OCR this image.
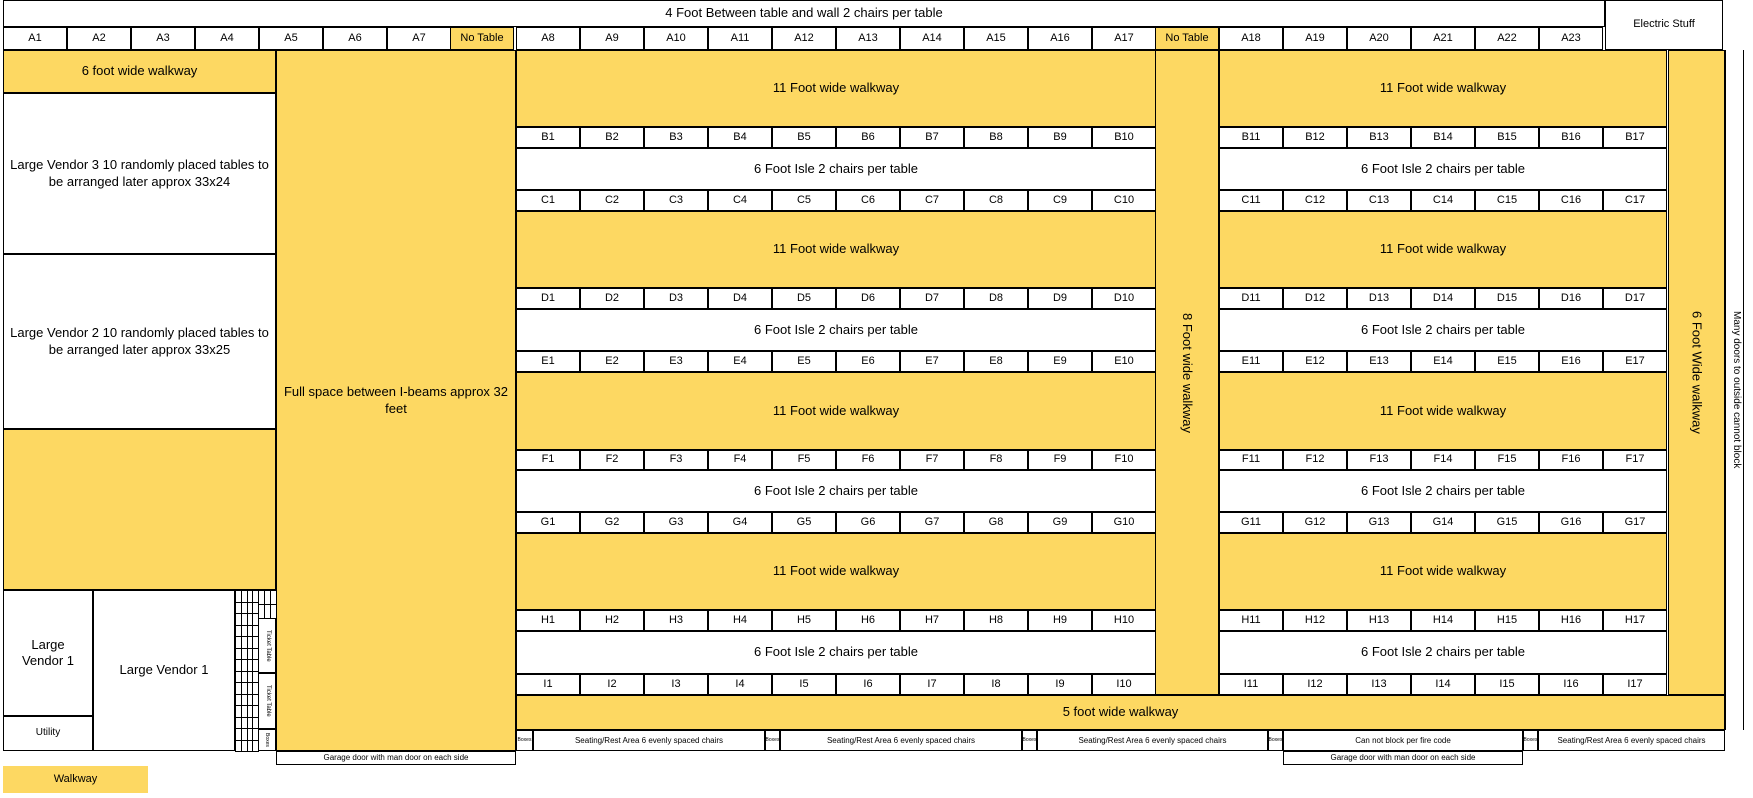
4 Foot Between table and wall 2 chairs per table
Electric Stuff
A1	A2	A3	A4	A5	A6	A7	No Table	A8	A9	A10	A11	A12	A13	A14	A15	A16	A17	No Table	A18	A19	A20	A21	A22	A23
6 foot wide walkway
Large Vendor 3 10 randomly placed tables to be arranged later approx 33x24
Large Vendor 2 10 randomly placed tables to be arranged later approx 33x25
Large Vendor 1
Utility
Large Vendor 1
Ticket Table
Ticket Table
Boxes
Full space between I-beams approx 32 feet
11 Foot wide walkway
B1	B2	B3	B4	B5	B6	B7	B8	B9	B10
6 Foot Isle 2 chairs per table
C1	C2	C3	C4	C5	C6	C7	C8	C9	C10
11 Foot wide walkway
D1	D2	D3	D4	D5	D6	D7	D8	D9	D10
6 Foot Isle 2 chairs per table
E1	E2	E3	E4	E5	E6	E7	E8	E9	E10
11 Foot wide walkway
F1	F2	F3	F4	F5	F6	F7	F8	F9	F10
6 Foot Isle 2 chairs per table
G1	G2	G3	G4	G5	G6	G7	G8	G9	G10
11 Foot wide walkway
H1	H2	H3	H4	H5	H6	H7	H8	H9	H10
6 Foot Isle 2 chairs per table
I1	I2	I3	I4	I5	I6	I7	I8	I9	I10
8 Foot wide walkway
11 Foot wide walkway
B11	B12	B13	B14	B15	B16	B17
6 Foot Isle 2 chairs per table
C11	C12	C13	C14	C15	C16	C17
11 Foot wide walkway
D11	D12	D13	D14	D15	D16	D17
6 Foot Isle 2 chairs per table
E11	E12	E13	E14	E15	E16	E17
11 Foot wide walkway
F11	F12	F13	F14	F15	F16	F17
6 Foot Isle 2 chairs per table
G11	G12	G13	G14	G15	G16	G17
11 Foot wide walkway
H11	H12	H13	H14	H15	H16	H17
6 Foot Isle 2 chairs per table
I11	I12	I13	I14	I15	I16	I17
6 Foot Wide walkway	Many doors to outside cannot block
5 foot wide walkway
Boxes	Seating/Rest Area 6 evenly spaced chairs	Boxes	Seating/Rest Area 6 evenly spaced chairs	Boxes	Seating/Rest Area 6 evenly spaced chairs	Boxes	Can not block per fire code	Boxes	Seating/Rest Area 6 evenly spaced chairs
Garage door with man door on each side	Garage door with man door on each side
Walkway
